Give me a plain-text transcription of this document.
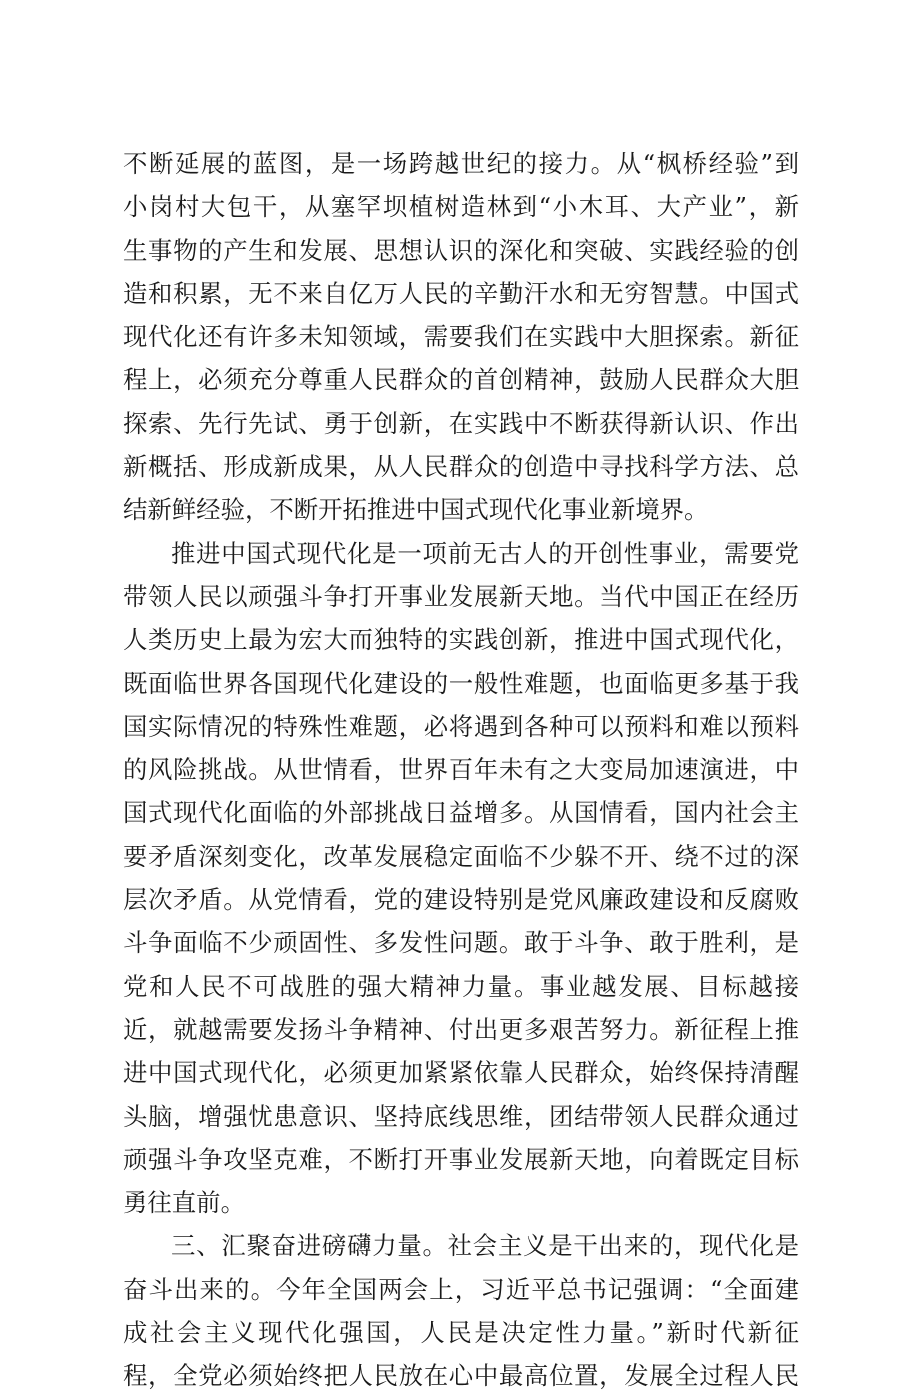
不断延展的蓝图，是一场跨越世纪的接力。从“枫桥经验”到
小岗村大包干，从塞罕坝植树造林到“小木耳、大产业”，新
生事物的产生和发展、思想认识的深化和突破、实践经验的创
造和积累，无不来自亿万人民的辛勤汗水和无穷智慧。中国式
现代化还有许多未知领域，需要我们在实践中大胆探索。新征
程上，必须充分尊重人民群众的首创精神，鼓励人民群众大胆
探索、先行先试、勇于创新，在实践中不断获得新认识、作出
新概括、形成新成果，从人民群众的创造中寻找科学方法、总
结新鲜经验，不断开拓推进中国式现代化事业新境界。
推进中国式现代化是一项前无古人的开创性事业，需要党
带领人民以顽强斗争打开事业发展新天地。当代中国正在经历
人类历史上最为宏大而独特的实践创新，推进中国式现代化，
既面临世界各国现代化建设的一般性难题，也面临更多基于我
国实际情况的特殊性难题，必将遇到各种可以预料和难以预料
的风险挑战。从世情看，世界百年未有之大变局加速演进，中
国式现代化面临的外部挑战日益增多。从国情看，国内社会主
要矛盾深刻变化，改革发展稳定面临不少躲不开、绕不过的深
层次矛盾。从党情看，党的建设特别是党风廉政建设和反腐败
斗争面临不少顽固性、多发性问题。敢于斗争、敢于胜利，是
党和人民不可战胜的强大精神力量。事业越发展、目标越接
近，就越需要发扬斗争精神、付出更多艰苦努力。新征程上推
进中国式现代化，必须更加紧紧依靠人民群众，始终保持清醒
头脑，增强忧患意识、坚持底线思维，团结带领人民群众通过
顽强斗争攻坚克难，不断打开事业发展新天地，向着既定目标
勇往直前。
三、汇聚奋进磅礴力量。社会主义是干出来的，现代化是
奋斗出来的。今年全国两会上，习近平总书记强调：“全面建
成社会主义现代化强国，人民是决定性力量。”新时代新征
程，全党必须始终把人民放在心中最高位置，发展全过程人民
